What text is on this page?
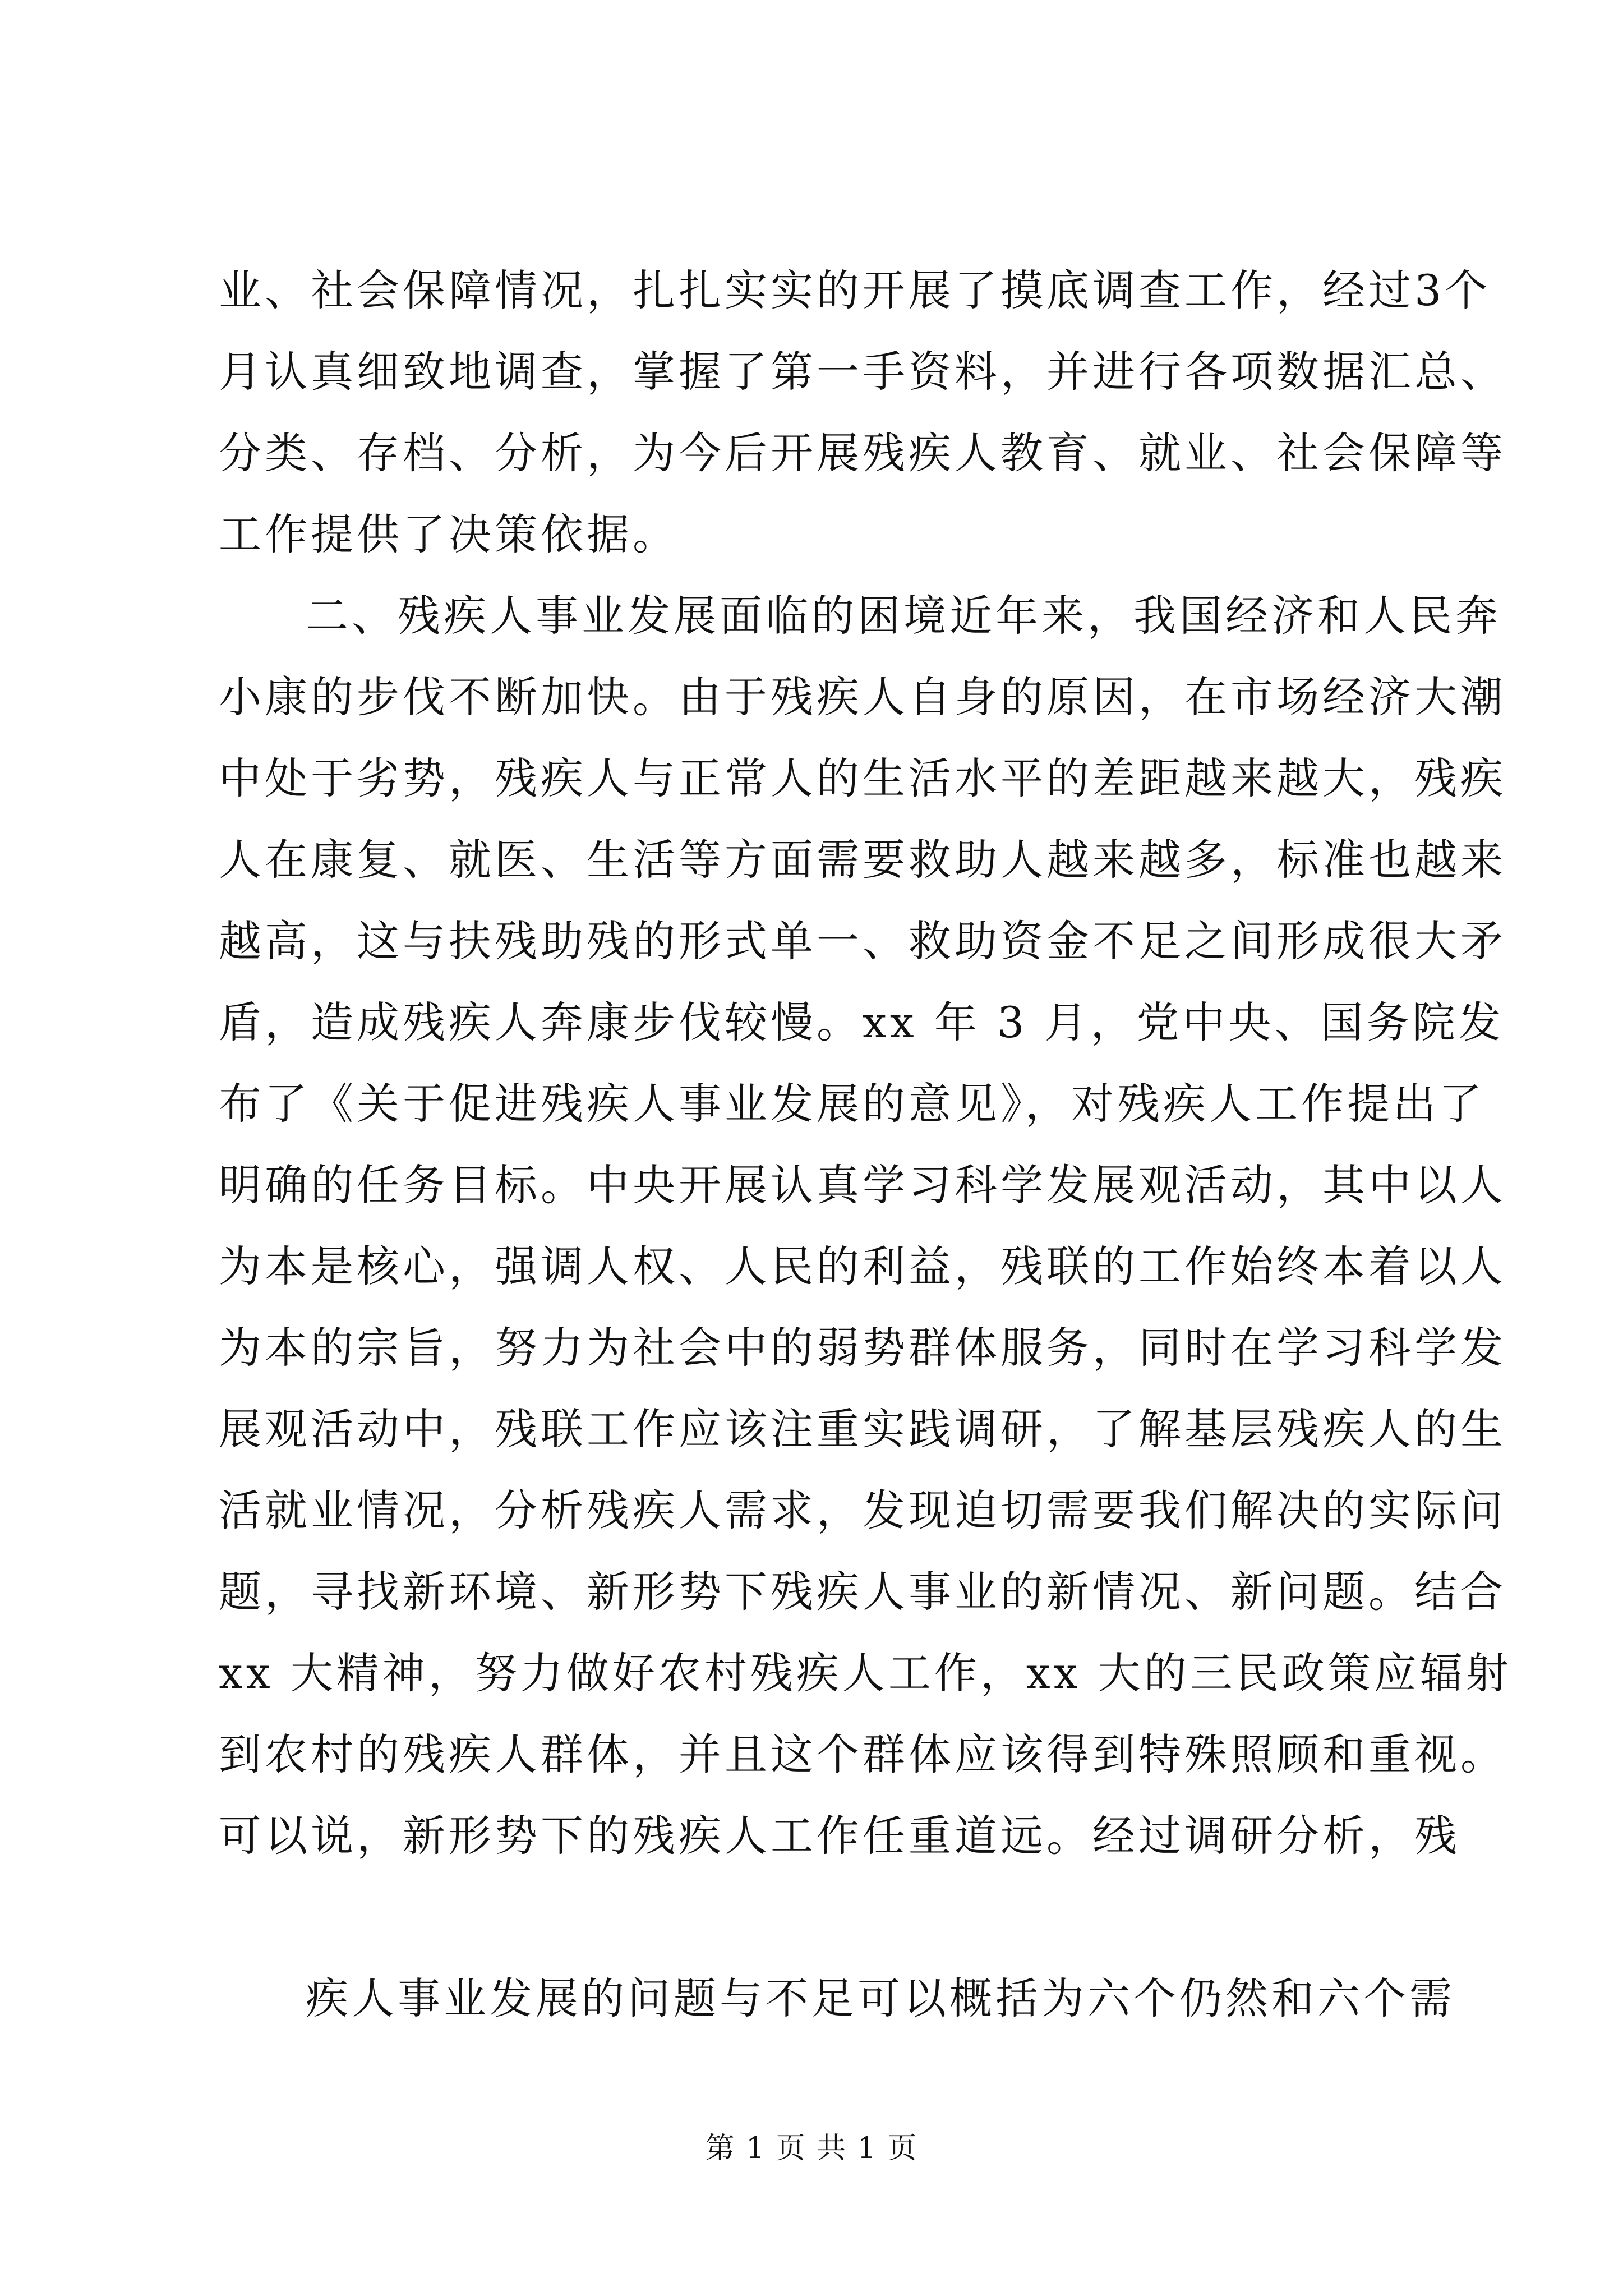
业、社会保障情况，扎扎实实的开展了摸底调查工作，经过3个
月认真细致地调查，掌握了第一手资料，并进行各项数据汇总、
分类、存档、分析，为今后开展残疾人教育、就业、社会保障等
工作提供了决策依据。
二、残疾人事业发展面临的困境近年来，我国经济和人民奔
小康的步伐不断加快。由于残疾人自身的原因，在市场经济大潮
中处于劣势，残疾人与正常人的生活水平的差距越来越大，残疾
人在康复、就医、生活等方面需要救助人越来越多，标准也越来
越高，这与扶残助残的形式单一、救助资金不足之间形成很大矛
盾，造成残疾人奔康步伐较慢。xx 年 3 月，党中央、国务院发
布了《关于促进残疾人事业发展的意见》，对残疾人工作提出了
明确的任务目标。中央开展认真学习科学发展观活动，其中以人
为本是核心，强调人权、人民的利益，残联的工作始终本着以人
为本的宗旨，努力为社会中的弱势群体服务，同时在学习科学发
展观活动中，残联工作应该注重实践调研，了解基层残疾人的生
活就业情况，分析残疾人需求，发现迫切需要我们解决的实际问
题，寻找新环境、新形势下残疾人事业的新情况、新问题。结合
xx 大精神，努力做好农村残疾人工作，xx 大的三民政策应辐射
到农村的残疾人群体，并且这个群体应该得到特殊照顾和重视。
可以说，新形势下的残疾人工作任重道远。经过调研分析，残
疾人事业发展的问题与不足可以概括为六个仍然和六个需
第 1 页 共 1 页
